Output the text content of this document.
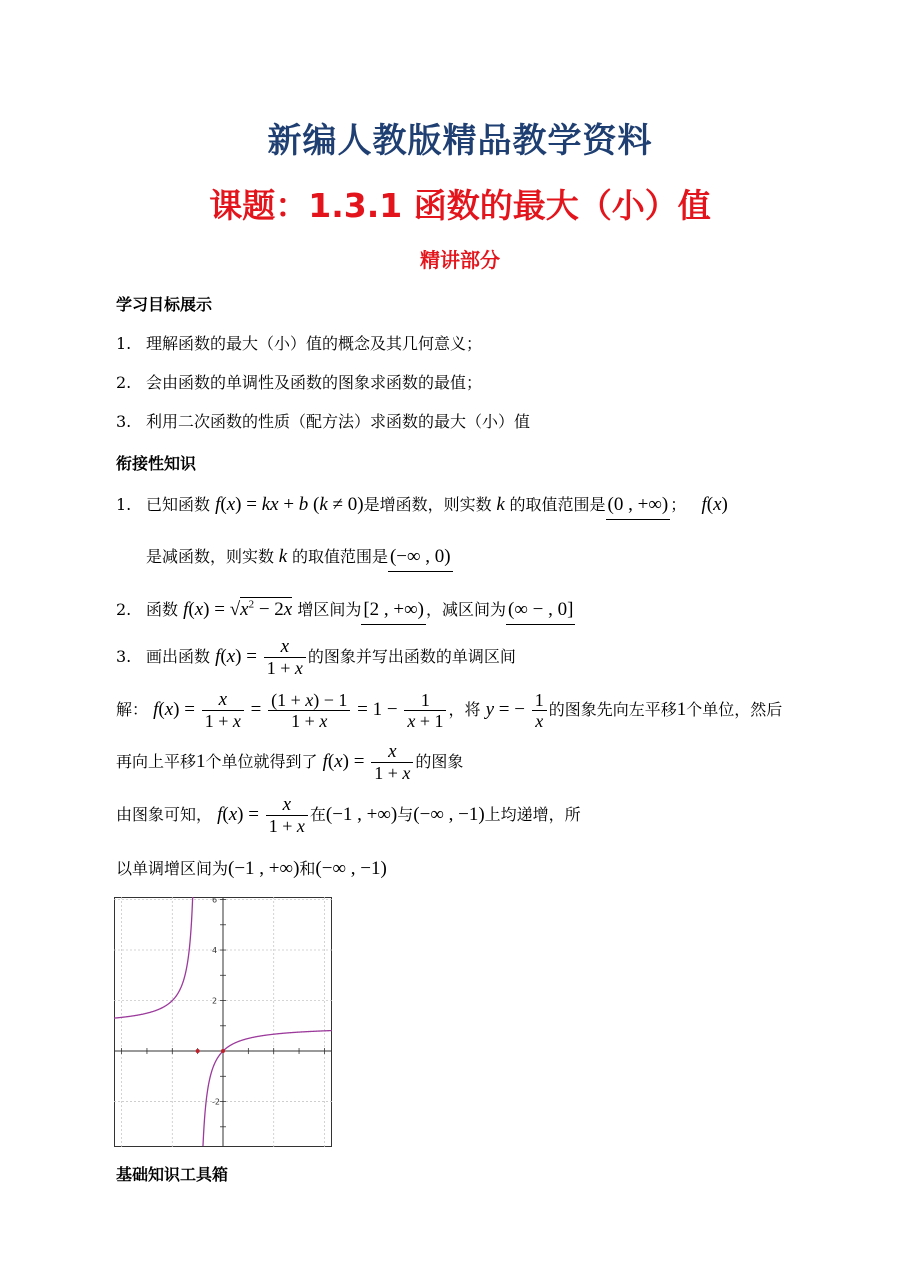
新编人教版精品教学资料
课题：1.3.1 函数的最大（小）值
精讲部分
学习目标展示
1. 理解函数的最大（小）值的概念及其几何意义；
2. 会由函数的单调性及函数的图象求函数的最值；
3. 利用二次函数的性质（配方法）求函数的最大（小）值
衔接性知识
1. 已知函数 f(x) = kx + b (k ≠ 0)是增函数，则实数 k 的取值范围是 (0 , +∞) ； f(x)
是减函数，则实数 k 的取值范围是 (−∞ , 0)
2. 函数 $f(x) = √x^2 - 2x$ 增区间为 [2 , +∞) ，减区间为 (∞ − , 0]
3. 画出函数 $f(x) = \frac{x}{1 + x}$ 的图象并写出函数的单调区间
解： $f(x) = \frac{x}{1 + x} = \frac{(1 + x) - 1}{1 + x} = 1 - \frac{1}{x + 1}$ ，将 y = − $\frac{1}{x}$ 的图象先向左平移1个单位，然后
再向上平移1个单位就得到了 $f(x) = \frac{x}{1 + x}$ 的图象
由图象可知， $f(x) = \frac{x}{1 + x}$ 在(−1 , +∞)与(−∞ , −1)上均递增，所
以单调增区间为(−1 , +∞)和(−∞ , −1)
6
4
2
-2
基础知识工具箱
